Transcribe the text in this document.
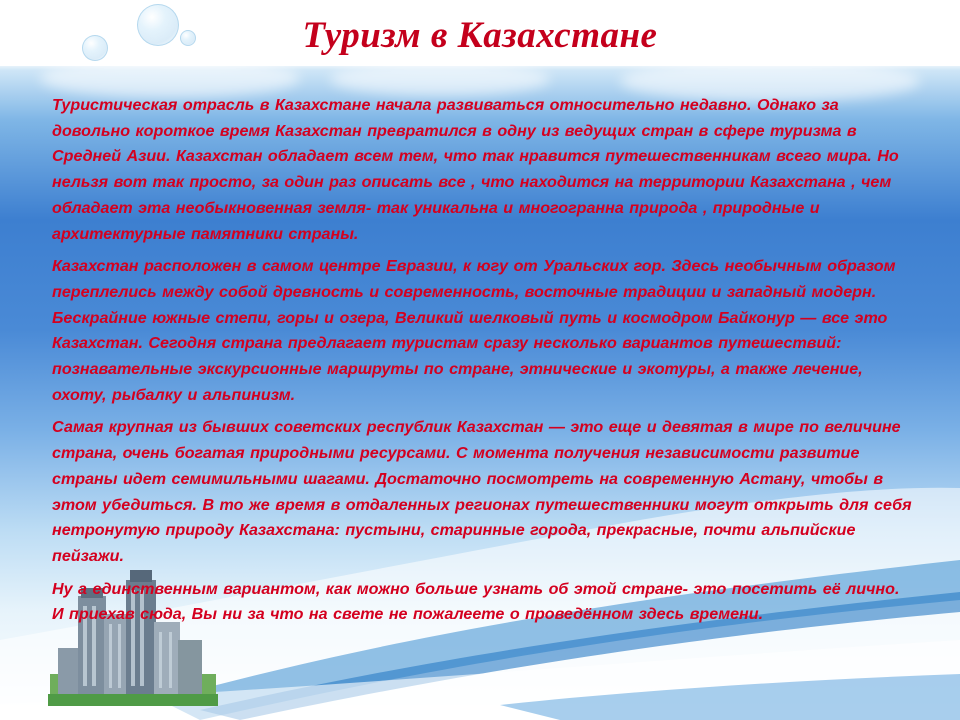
Туризм в Казахстане

Туристическая отрасль в Казахстане начала развиваться относительно недавно. Однако за довольно короткое время Казахстан превратился в одну из ведущих стран в сфере туризма в Средней Азии. Казахстан обладает всем тем, что так нравится путешественникам всего мира. Но нельзя вот так просто, за один раз описать все , что находится на территории Казахстана , чем обладает эта необыкновенная земля- так уникальна и многогранна природа , природные и архитектурные памятники страны.

Казахстан расположен в самом центре Евразии, к югу от Уральских гор. Здесь необычным образом переплелись между собой древность и современность, восточные традиции и западный модерн. Бескрайние южные степи, горы и озера, Великий шелковый путь и космодром Байконур — все это Казахстан. Сегодня страна предлагает туристам сразу несколько вариантов путешествий: познавательные экскурсионные маршруты по стране, этнические и экотуры, а также лечение, охоту, рыбалку и альпинизм.

Самая крупная из бывших советских республик Казахстан — это еще и девятая в мире по величине страна, очень богатая природными ресурсами. С момента получения независимости развитие страны идет семимильными шагами. Достаточно посмотреть на современную Астану, чтобы в этом убедиться. В то же время в отдаленных регионах путешественники могут открыть для себя нетронутую природу Казахстана: пустыни, старинные города, прекрасные, почти альпийские пейзажи.

Ну а единственным вариантом, как можно больше узнать об этой стране- это посетить её лично. И приехав сюда, Вы ни за что на свете не пожалеете о проведённом здесь времени.
